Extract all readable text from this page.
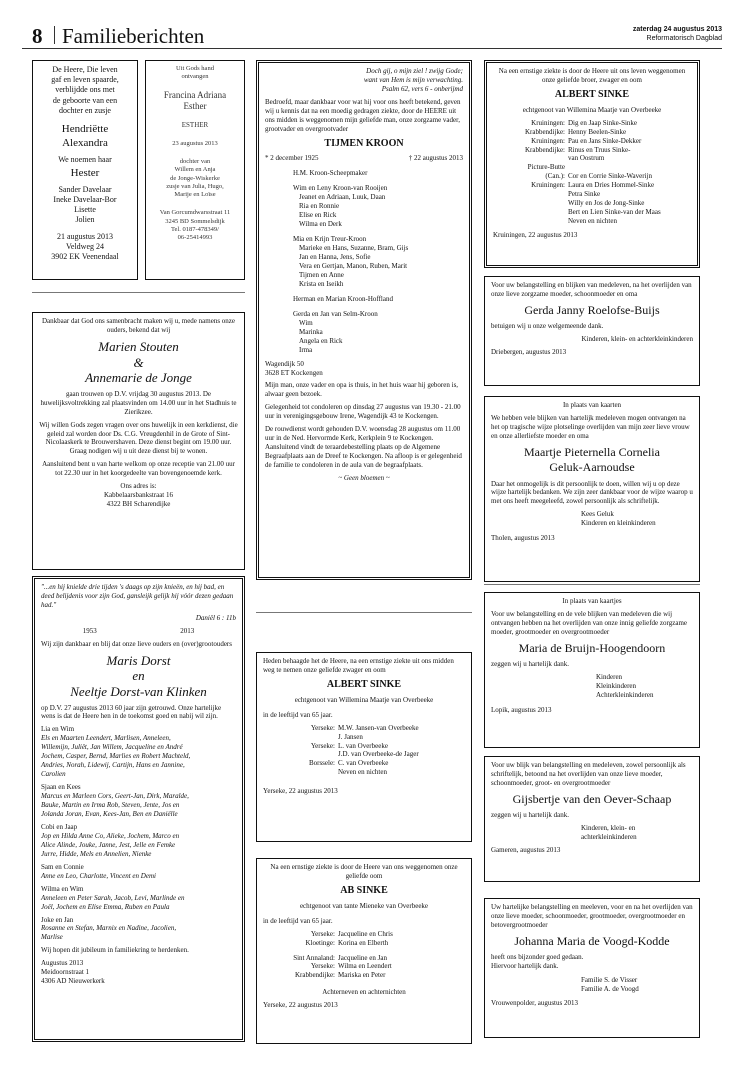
8 Familieberichten	zaterdag 24 augustus 2013
Reformatorisch Dagblad
De Heere, Die leven
gaf en leven spaarde,
verblijdde ons met
de geboorte van een
dochter en zusje
Hendriëtte
Alexandra
We noemen haar
Hester
Sander Davelaar
Ineke Davelaar-Bor
Lisette
Jolien
21 augustus 2013
Veldweg 24
3902 EK Veenendaal
Uit Gods hand
ontvangen
Francina Adriana
Esther
ESTHER
23 augustus 2013
dochter van
Willem en Anja
de Jonge-Wiskerke
zusje van Julia, Hugo,
Marije en Loïse
Van Gorcumdwarsstraat 11
3245 BD Sommelsdijk
Tel. 0187-478349/
06-25414993

Dankbaar dat God ons samenbracht maken wij u, mede namens onze ouders, bekend dat wij

Marien Stouten
&
Annemarie de Jonge

gaan trouwen op D.V. vrijdag 30 augustus 2013. De huwelijksvoltrekking zal plaatsvinden om 14.00 uur in het Stadhuis te Zierikzee.

Wij willen Gods zegen vragen over ons huwelijk in een kerkdienst, die geleid zal worden door Ds. C.G. Vreugdenhil in de Grote of Sint-Nicolaaskerk te Brouwershaven. Deze dienst begint om 19.00 uur. Graag nodigen wij u uit deze dienst bij te wonen.

Aansluitend bent u van harte welkom op onze receptie van 21.00 uur tot 22.30 uur in het koorgedeelte van bovengenoemde kerk.

Ons adres is:
Kabbelaarsbankstraat 16
4322 BH Scharendijke

"...en hij knielde drie tijden 's daags op zijn knieën, en hij bad, en deed belijdenis voor zijn God, gansleijk gelijk hij vóór dezen gedaan had."

Daniël 6 : 11b

1953	2013

Wij zijn dankbaar en blij dat onze lieve ouders en (over)grootouders

Maris Dorst
en
Neeltje Dorst-van Klinken

op D.V. 27 augustus 2013 60 jaar zijn getrouwd. Onze hartelijke wens is dat de Heere hen in de toekomst goed en nabij wil zijn.

Lia en Wim
Els en Maarten Leendert, Marlisen, Anneleen,
Willemijn, Juliët, Jan Willem, Jacqueline en André
Jochem, Casper, Bernd, Marlies en Robert Machteld,
Andries, Norah, Lidewij, Cartijn, Hans en Jannine,
Carolien
Sjaan en Kees
Marcus en Marleen Cors, Geert-Jan, Dirk, Maralde,
Bauke, Martin en Irma Rob, Steven, Jente, Jos en
Jolanda Joran, Evan, Kees-Jan, Ben en Daniëlle
Cobi en Jaap
Jop en Hilda Anne Co, Alieke, Jochem, Marco en
Alice Alinde, Jouke, Janne, Jest, Jelle en Femke
Jurre, Hidde, Mels en Annelien, Nienke
Sam en Connie
Anne en Leo, Charlotte, Vincent en Demi
Wilma en Wim
Anneleen en Peter Sarah, Jacob, Levi, Marlinde en
Joël, Jochem en Elise Emma, Ruben en Paula
Joke en Jan
Rosanne en Stefan, Marnix en Nadine, Jacolien,
Marlise

Wij hopen dit jubileum in familiekring te herdenken.

Augustus 2013
Meidoornstraat 1
4306 AD Nieuwerkerk
Doch gij, o mijn ziel ! zwijg Gode;
want van Hem is mijn verwachting.
Psalm 62, vers 6 - onberijmd

Bedroefd, maar dankbaar voor wat hij voor ons heeft betekend, geven wij u kennis dat na een moedig gedragen ziekte, door de HEERE uit ons midden is weggenomen mijn geliefde man, onze zorgzame vader, grootvader en overgrootvader

TIJMEN KROON
* 2 december 1925	† 22 augustus 2013
H.M. Kroon-Scheepmaker
Wim en Leny Kroon-van Rooijen
Jeanet en Adriaan, Luuk, Daan
Ria en Ronnie
Elise en Rick
Wilma en Derk
Mia en Krijn Treur-Kroon
Marieke en Hans, Suzanne, Bram, Gijs
Jan en Hanna, Jens, Sofie
Vera en Gertjan, Manon, Ruben, Marit
Tijmen en Anne
Krista en Iseikh
Herman en Marian Kroon-Hoffland
Gerda en Jan van Selm-Kroon
Wim
Marinka
Angela en Rick
Irma

Wagendijk 50
3628 ET Kockengen

Mijn man, onze vader en opa is thuis, in het huis waar hij geboren is, alwaar geen bezoek.

Gelegenheid tot condoleren op dinsdag 27 augustus van 19.30 - 21.00 uur in verenigingsgebouw Irene, Wagendijk 43 te Kockengen.

De rouwdienst wordt gehouden D.V. woensdag 28 augustus om 11.00 uur in de Ned. Hervormde Kerk, Kerkplein 9 te Kockengen. Aansluitend vindt de teraardebestelling plaats op de Algemene Begraafplaats aan de Dreef te Kockengen. Na afloop is er gelegenheid de familie te condoleren in de aula van de begraafplaats.

~ Geen bloemen ~

Heden behaagde het de Heere, na een ernstige ziekte uit ons midden weg te nemen onze geliefde zwager en oom

ALBERT SINKE
echtgenoot van Willemina Maatje van Overbeeke

in de leeftijd van 65 jaar.

Yerseke: M.W. Jansen-van Overbeeke
J. Jansen
Yerseke: L. van Overbeeke
J.D. van Overbeeke-de Jager
Borssele: C. van Overbeeke
Neven en nichten

Yerseke, 22 augustus 2013

Na een ernstige ziekte is door de Heere van ons weggenomen onze geliefde oom

AB SINKE
echtgenoot van tante Mieneke van Overbeeke

in de leeftijd van 65 jaar.

Yerseke: Jacqueline en Chris
Kloetinge: Korina en Elberth
Sint Annaland: Jacqueline en Jan
Yerseke: Wilma en Leendert
Krabbendijke: Mariska en Peter

Achterneven en achternichten

Yerseke, 22 augustus 2013

Na een ernstige ziekte is door de Heere uit ons leven weggenomen onze geliefde broer, zwager en oom

ALBERT SINKE
echtgenoot van Willemina Maatje van Overbeeke
Kruiningen: Dig en Jaap Sinke-Sinke
Krabbendijke: Henny Beelen-Sinke
Kruiningen: Pau en Jans Sinke-Dekker
Krabbendijke: Rinus en Truus Sinke-
van Oostrum
Picture-Butte
(Can.): Cor en Corrie Sinke-Waverijn
Kruiningen: Laura en Dries Hommel-Sinke
Petra Sinke
Willy en Jos de Jong-Sinke
Bert en Lien Sinke-van der Maas
Neven en nichten

Kruiningen, 22 augustus 2013

Voor uw belangstelling en blijken van medeleven, na het overlijden van onze lieve zorgzame moeder, schoonmoeder en oma

Gerda Janny Roelofse-Buijs

betuigen wij u onze welgemeende dank.

Kinderen, klein- en achterkleinkinderen

Driebergen, augustus 2013

In plaats van kaarten

We hebben vele blijken van hartelijk medeleven mogen ontvangen na het op tragische wijze plotselinge overlijden van mijn zeer lieve vrouw en onze allerliefste moeder en oma

Maartje Pieternella Cornelia
Geluk-Aarnoudse

Daar het onmogelijk is dit persoonlijk te doen, willen wij u op deze wijze hartelijk bedanken. We zijn zeer dankbaar voor de wijze waarop u met ons heeft meegeleefd, zowel persoonlijk als schriftelijk.

Kees Geluk
Kinderen en kleinkinderen

Tholen, augustus 2013

In plaats van kaartjes

Voor uw belangstelling en de vele blijken van medeleven die wij ontvangen hebben na het overlijden van onze innig geliefde zorgzame moeder, grootmoeder en overgrootmoeder

Maria de Bruijn-Hoogendoorn

zeggen wij u hartelijk dank.

Kinderen
Kleinkinderen
Achterkleinkinderen

Lopik, augustus 2013

Voor uw blijk van belangstelling en medeleven, zowel persoonlijk als schriftelijk, betoond na het overlijden van onze lieve moeder, schoonmoeder, groot- en overgrootmoeder

Gijsbertje van den Oever-Schaap

zeggen wij u hartelijk dank.

Kinderen, klein- en
achterkleinkinderen

Gameren, augustus 2013

Uw hartelijke belangstelling en meeleven, voor en na het overlijden van onze lieve moeder, schoonmoeder, grootmoeder, overgrootmoeder en betovergrootmoeder

Johanna Maria de Voogd-Kodde
heeft ons bijzonder goed gedaan.
Hiervoor hartelijk dank.
Familie S. de Visser
Familie A. de Voogd

Vrouwenpolder, augustus 2013
